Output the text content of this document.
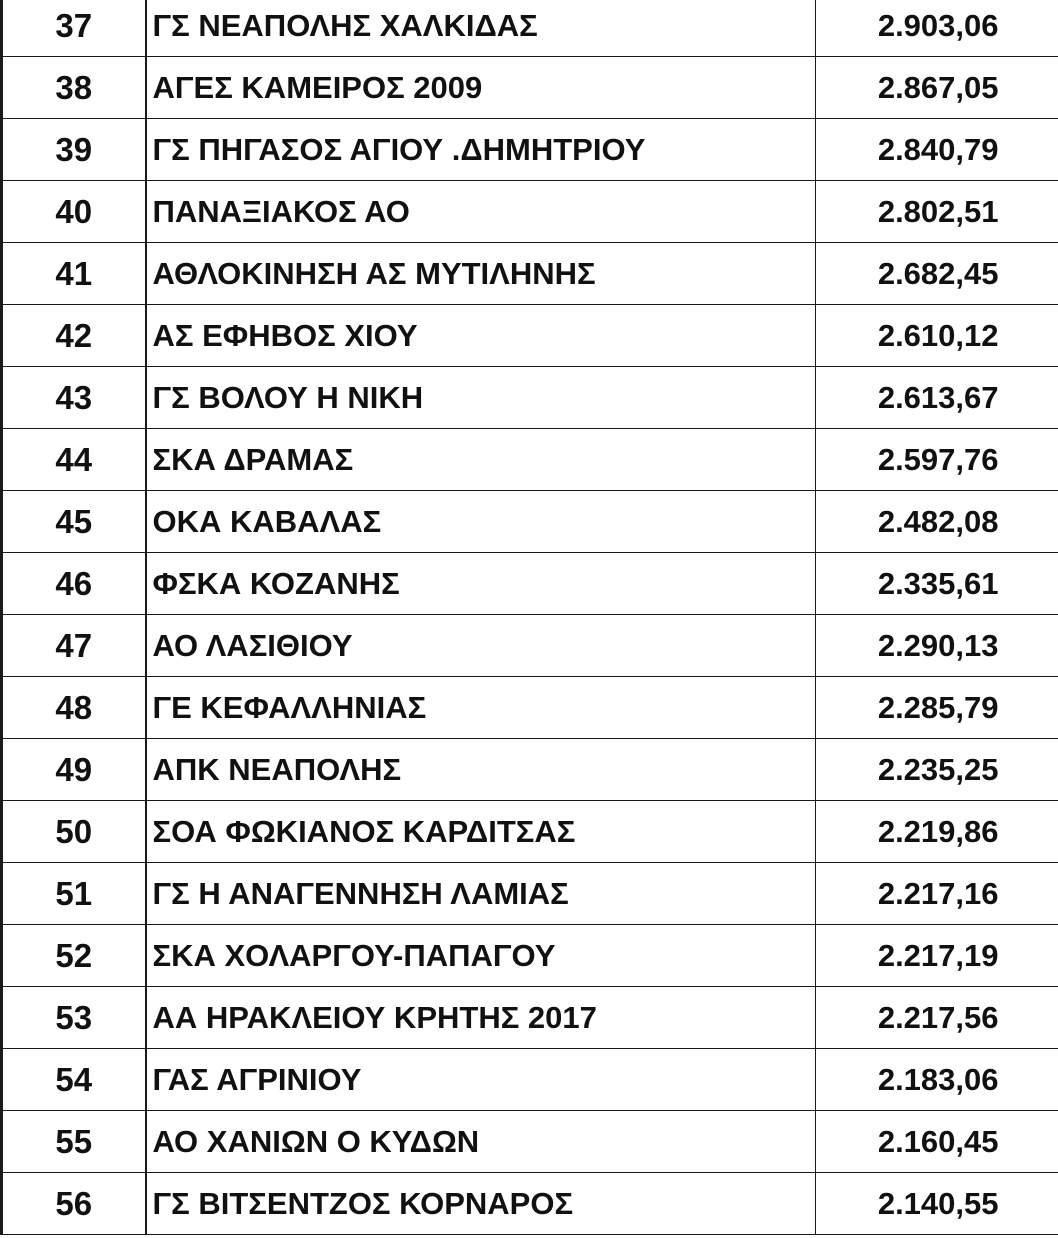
37	ΓΣ ΝΕΑΠΟΛΗΣ ΧΑΛΚΙΔΑΣ	2.903,06
38	ΑΓΕΣ ΚΑΜΕΙΡΟΣ 2009	2.867,05
39	ΓΣ ΠΗΓΑΣΟΣ ΑΓΙΟΥ .ΔΗΜΗΤΡΙΟΥ	2.840,79
40	ΠΑΝΑΞΙΑΚΟΣ ΑΟ	2.802,51
41	ΑΘΛΟΚΙΝΗΣΗ ΑΣ ΜΥΤΙΛΗΝΗΣ	2.682,45
42	ΑΣ ΕΦΗΒΟΣ ΧΙΟΥ	2.610,12
43	ΓΣ ΒΟΛΟΥ Η ΝΙΚΗ	2.613,67
44	ΣΚΑ ΔΡΑΜΑΣ	2.597,76
45	ΟΚΑ ΚΑΒΑΛΑΣ	2.482,08
46	ΦΣΚΑ ΚΟΖΑΝΗΣ	2.335,61
47	ΑΟ ΛΑΣΙΘΙΟΥ	2.290,13
48	ΓΕ ΚΕΦΑΛΛΗΝΙΑΣ	2.285,79
49	ΑΠΚ ΝΕΑΠΟΛΗΣ	2.235,25
50	ΣΟΑ ΦΩΚΙΑΝΟΣ ΚΑΡΔΙΤΣΑΣ	2.219,86
51	ΓΣ Η ΑΝΑΓΕΝΝΗΣΗ ΛΑΜΙΑΣ	2.217,16
52	ΣΚΑ ΧΟΛΑΡΓΟΥ-ΠΑΠΑΓΟΥ	2.217,19
53	ΑΑ ΗΡΑΚΛΕΙΟΥ ΚΡΗΤΗΣ 2017	2.217,56
54	ΓΑΣ ΑΓΡΙΝΙΟΥ	2.183,06
55	ΑΟ ΧΑΝΙΩΝ Ο ΚΥΔΩΝ	2.160,45
56	ΓΣ ΒΙΤΣΕΝΤΖΟΣ ΚΟΡΝΑΡΟΣ	2.140,55
